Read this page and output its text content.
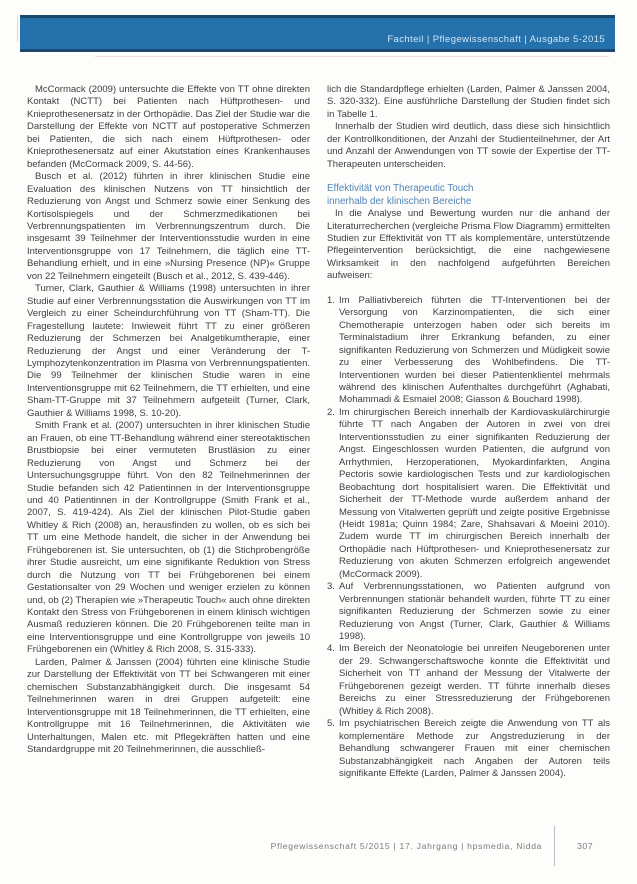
Fachteil | Pflegewissenschaft | Ausgabe 5-2015

McCormack (2009) untersuchte die Effekte von TT ohne direkten Kontakt (NCTT) bei Patienten nach Hüftprothesen- und Knieprothesenersatz in der Orthopädie. Das Ziel der Studie war die Darstellung der Effekte von NCTT auf postoperative Schmerzen bei Patienten, die sich nach einem Hüftprothesen- oder Knieprothesenersatz auf einer Akutstation eines Krankenhauses befanden (McCormack 2009, S. 44-56).

Busch et al. (2012) führten in ihrer klinischen Studie eine Evaluation des klinischen Nutzens von TT hinsichtlich der Reduzierung von Angst und Schmerz sowie einer Senkung des Kortisolspiegels und der Schmerzmedikationen bei Verbrennungspatienten im Verbrennungszentrum durch. Die insgesamt 39 Teilnehmer der Interventionsstudie wurden in eine Interventionsgruppe von 17 Teilnehmern, die täglich eine TT-Behandlung erhielt, und in eine »Nursing Presence (NP)« Gruppe von 22 Teilnehmern eingeteilt (Busch et al., 2012, S. 439-446).

Turner, Clark, Gauthier & Williams (1998) untersuchten in ihrer Studie auf einer Verbrennungsstation die Auswirkungen von TT im Vergleich zu einer Scheindurchführung von TT (Sham-TT). Die Fragestellung lautete: Inwieweit führt TT zu einer größeren Reduzierung der Schmerzen bei Analgetikumtherapie, einer Reduzierung der Angst und einer Veränderung der T-Lymphozytenkonzentration im Plasma von Verbrennungspatienten. Die 99 Teilnehmer der klinischen Studie waren in eine Interventionsgruppe mit 62 Teilnehmern, die TT erhielten, und eine Sham-TT-Gruppe mit 37 Teilnehmern aufgeteilt (Turner, Clark, Gauthier & Williams 1998, S. 10-20).

Smith Frank et al. (2007) untersuchten in ihrer klinischen Studie an Frauen, ob eine TT-Behandlung während einer stereotaktischen Brustbiopsie bei einer vermuteten Brustläsion zu einer Reduzierung von Angst und Schmerz bei der Untersuchungsgruppe führt. Von den 82 Teilnehmerinnen der Studie befanden sich 42 Patientinnen in der Interventionsgruppe und 40 Patientinnen in der Kontrollgruppe (Smith Frank et al., 2007, S. 419-424). Als Ziel der klinischen Pilot-Studie gaben Whitley & Rich (2008) an, herausfinden zu wollen, ob es sich bei TT um eine Methode handelt, die sicher in der Anwendung bei Frühgeborenen ist. Sie untersuchten, ob (1) die Stichprobengröße ihrer Studie ausreicht, um eine signifikante Reduktion von Stress durch die Nutzung von TT bei Frühgeborenen bei einem Gestationsalter von 29 Wochen und weniger erzielen zu können und, ob (2) Therapien wie »Therapeutic Touch« auch ohne direkten Kontakt den Stress von Frühgeborenen in einem klinisch wichtigen Ausmaß reduzieren können. Die 20 Frühgeborenen teilte man in eine Interventionsgruppe und eine Kontrollgruppe von jeweils 10 Frühgeborenen ein (Whitley & Rich 2008, S. 315-333).

Larden, Palmer & Janssen (2004) führten eine klinische Studie zur Darstellung der Effektivität von TT bei Schwangeren mit einer chemischen Substanzabhängigkeit durch. Die insgesamt 54 Teilnehmerinnen waren in drei Gruppen aufgeteilt: eine Interventionsgruppe mit 18 Teilnehmerinnen, die TT erhielten, eine Kontrollgruppe mit 16 Teilnehmerinnen, die Aktivitäten wie Unterhaltungen, Malen etc. mit Pflegekräften hatten und eine Standardgruppe mit 20 Teilnehmerinnen, die ausschließ-

lich die Standardpflege erhielten (Larden, Palmer & Janssen 2004, S. 320-332). Eine ausführliche Darstellung der Studien findet sich in Tabelle 1.

Innerhalb der Studien wird deutlich, dass diese sich hinsichtlich der Kontrollkonditionen, der Anzahl der Studienteilnehmer, der Art und Anzahl der Anwendungen von TT sowie der Expertise der TT-Therapeuten unterscheiden.

Effektivität von Therapeutic Touch
innerhalb der klinischen Bereiche

In die Analyse und Bewertung wurden nur die anhand der Literaturrecherchen (vergleiche Prisma Flow Diagramm) ermittelten Studien zur Effektivität von TT als komplementäre, unterstützende Pflegeintervention berücksichtigt, die eine nachgewiesene Wirksamkeit in den nachfolgend aufgeführten Bereichen aufweisen:

1. Im Palliativbereich führten die TT-Interventionen bei der Versorgung von Karzinompatienten, die sich einer Chemotherapie unterzogen haben oder sich bereits im Terminalstadium ihrer Erkrankung befanden, zu einer signifikanten Reduzierung von Schmerzen und Müdigkeit sowie zu einer Verbesserung des Wohlbefindens. Die TT-Interventionen wurden bei dieser Patientenklientel mehrmals während des klinischen Aufenthaltes durchgeführt (Aghabati, Mohammadi & Esmaiel 2008; Giasson & Bouchard 1998).
2. Im chirurgischen Bereich innerhalb der Kardiovaskulärchirurgie führte TT nach Angaben der Autoren in zwei von drei Interventionsstudien zu einer signifikanten Reduzierung der Angst. Eingeschlossen wurden Patienten, die aufgrund von Arrhythmien, Herzoperationen, Myokardinfarkten, Angina Pectoris sowie kardiologischen Tests und zur kardiologischen Beobachtung dort hospitalisiert waren. Die Effektivität und Sicherheit der TT-Methode wurde außerdem anhand der Messung von Vitalwerten geprüft und zeigte positive Ergebnisse (Heidt 1981a; Quinn 1984; Zare, Shahsavari & Moeini 2010). Zudem wurde TT im chirurgischen Bereich innerhalb der Orthopädie nach Hüftprothesen- und Knieprothesenersatz zur Reduzierung von akuten Schmerzen erfolgreich angewendet (McCormack 2009).
3. Auf Verbrennungsstationen, wo Patienten aufgrund von Verbrennungen stationär behandelt wurden, führte TT zu einer signifikanten Reduzierung der Schmerzen sowie zu einer Reduzierung von Angst (Turner, Clark, Gauthier & Williams 1998).
4. Im Bereich der Neonatologie bei unreifen Neugeborenen unter der 29. Schwangerschaftswoche konnte die Effektivität und Sicherheit von TT anhand der Messung der Vitalwerte der Frühgeborenen gezeigt werden. TT führte innerhalb dieses Bereichs zu einer Stressreduzierung der Frühgeborenen (Whitley & Rich 2008).
5. Im psychiatrischen Bereich zeigte die Anwendung von TT als komplementäre Methode zur Angstreduzierung in der Behandlung schwangerer Frauen mit einer chemischen Substanzabhängigkeit nach Angaben der Autoren teils signifikante Effekte (Larden, Palmer & Janssen 2004).
Pflegewissenschaft 5/2015 | 17. Jahrgang | hpsmedia, Nidda	307
